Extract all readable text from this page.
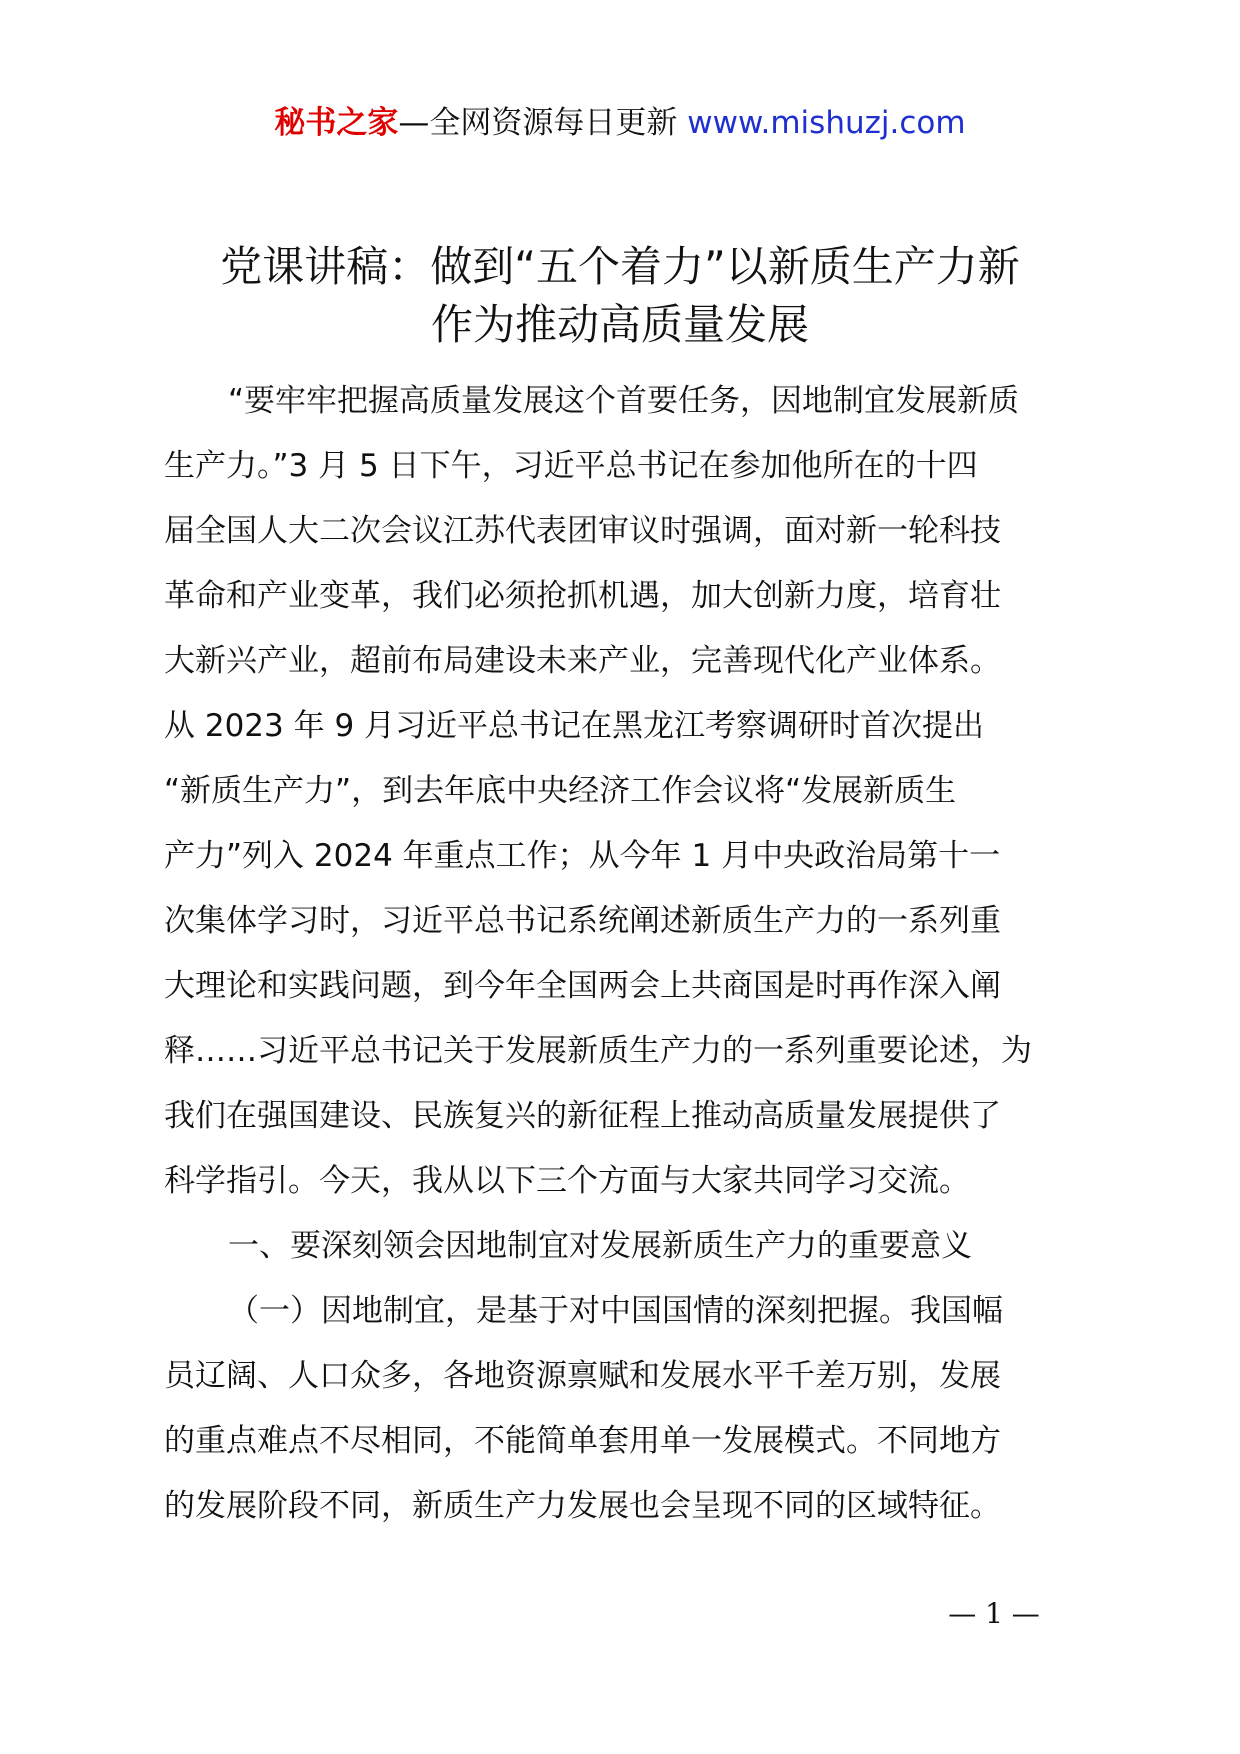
秘书之家—全网资源每日更新 www.mishuzj.com
党课讲稿：做到“五个着力”以新质生产力新
作为推动高质量发展
“要牢牢把握高质量发展这个首要任务，因地制宜发展新质
生产力。”3 月 5 日下午，习近平总书记在参加他所在的十四
届全国人大二次会议江苏代表团审议时强调，面对新一轮科技
革命和产业变革，我们必须抢抓机遇，加大创新力度，培育壮
大新兴产业，超前布局建设未来产业，完善现代化产业体系。
从 2023 年 9 月习近平总书记在黑龙江考察调研时首次提出
“新质生产力”，到去年底中央经济工作会议将“发展新质生
产力”列入 2024 年重点工作；从今年 1 月中央政治局第十一
次集体学习时，习近平总书记系统阐述新质生产力的一系列重
大理论和实践问题，到今年全国两会上共商国是时再作深入阐
释……习近平总书记关于发展新质生产力的一系列重要论述，为
我们在强国建设、民族复兴的新征程上推动高质量发展提供了
科学指引。今天，我从以下三个方面与大家共同学习交流。
一、要深刻领会因地制宜对发展新质生产力的重要意义
（一）因地制宜，是基于对中国国情的深刻把握。我国幅
员辽阔、人口众多，各地资源禀赋和发展水平千差万别，发展
的重点难点不尽相同，不能简单套用单一发展模式。不同地方
的发展阶段不同，新质生产力发展也会呈现不同的区域特征。
— 1 —
